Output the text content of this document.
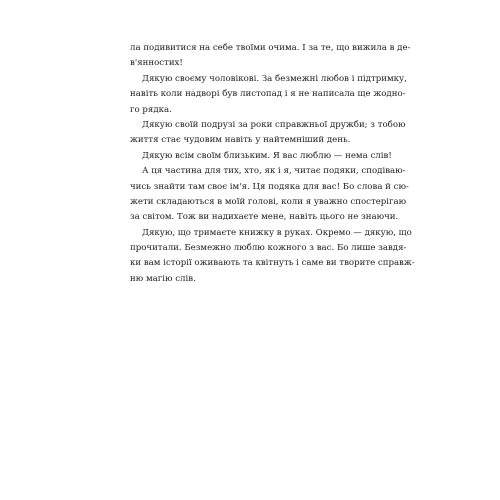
ла подивитися на себе твоїми очима. І за те, що вижила в де-
в'янностих!
Дякую своєму чоловікові. За безмежні любов і підтримку,
навіть коли надворі був листопад і я не написала ще жодно-
го рядка.
Дякую своїй подрузі за роки справжньої дружби; з тобою
життя стає чудовим навіть у найтемніший день.
Дякую всім своїм близьким. Я вас люблю — нема слів!
А ця частина для тих, хто, як і я, читає подяки, сподіваю-
чись знайти там своє ім'я. Ця подяка для вас! Бо слова й сю-
жети складаються в моїй голові, коли я уважно спостерігаю
за світом. Тож ви надихаєте мене, навіть цього не знаючи.
Дякую, що тримаєте книжку в руках. Окремо — дякую, що
прочитали. Безмежно люблю кожного з вас. Бо лише завдя-
ки вам історії оживають та квітнуть і саме ви творите справж-
ню магію слів.
